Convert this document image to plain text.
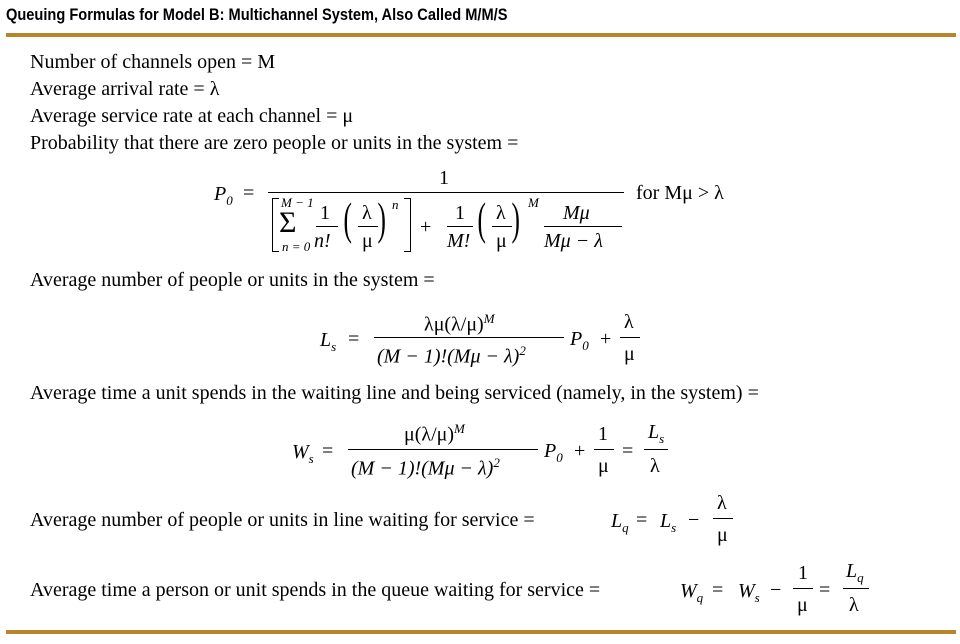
Queuing Formulas for Model B: Multichannel System, Also Called M/M/S
Number of channels open = M
Average arrival rate = λ
Average service rate at each channel = μ
Probability that there are zero people or units in the system =
$P_0$ =
1
M − 1
Σ
n = 0
1
n! ( λ
μ ) n
+
1
M! ( λ
μ ) M Mμ
Mμ − λ
for Mμ > λ
Average number of people or units in the system =
$L_s$ =
$\lambda\mu(\lambda/\mu)^M$
$(M - 1)!(M\mu - \lambda)^2$
$P_0$ +
λ
μ
Average time a unit spends in the waiting line and being serviced (namely, in the system) =
$W_s$ =
$\mu(\lambda/\mu)^M$
$(M - 1)!(M\mu - \lambda)^2$
$P_0$ +
1
μ
=
$L_s$
λ
Average number of people or units in line waiting for service =	$L_q = L_s$ −
λ
μ
Average time a person or unit spends in the queue waiting for service =	$W_q = W_s$ −
1
μ
=
$L_q$
λ
